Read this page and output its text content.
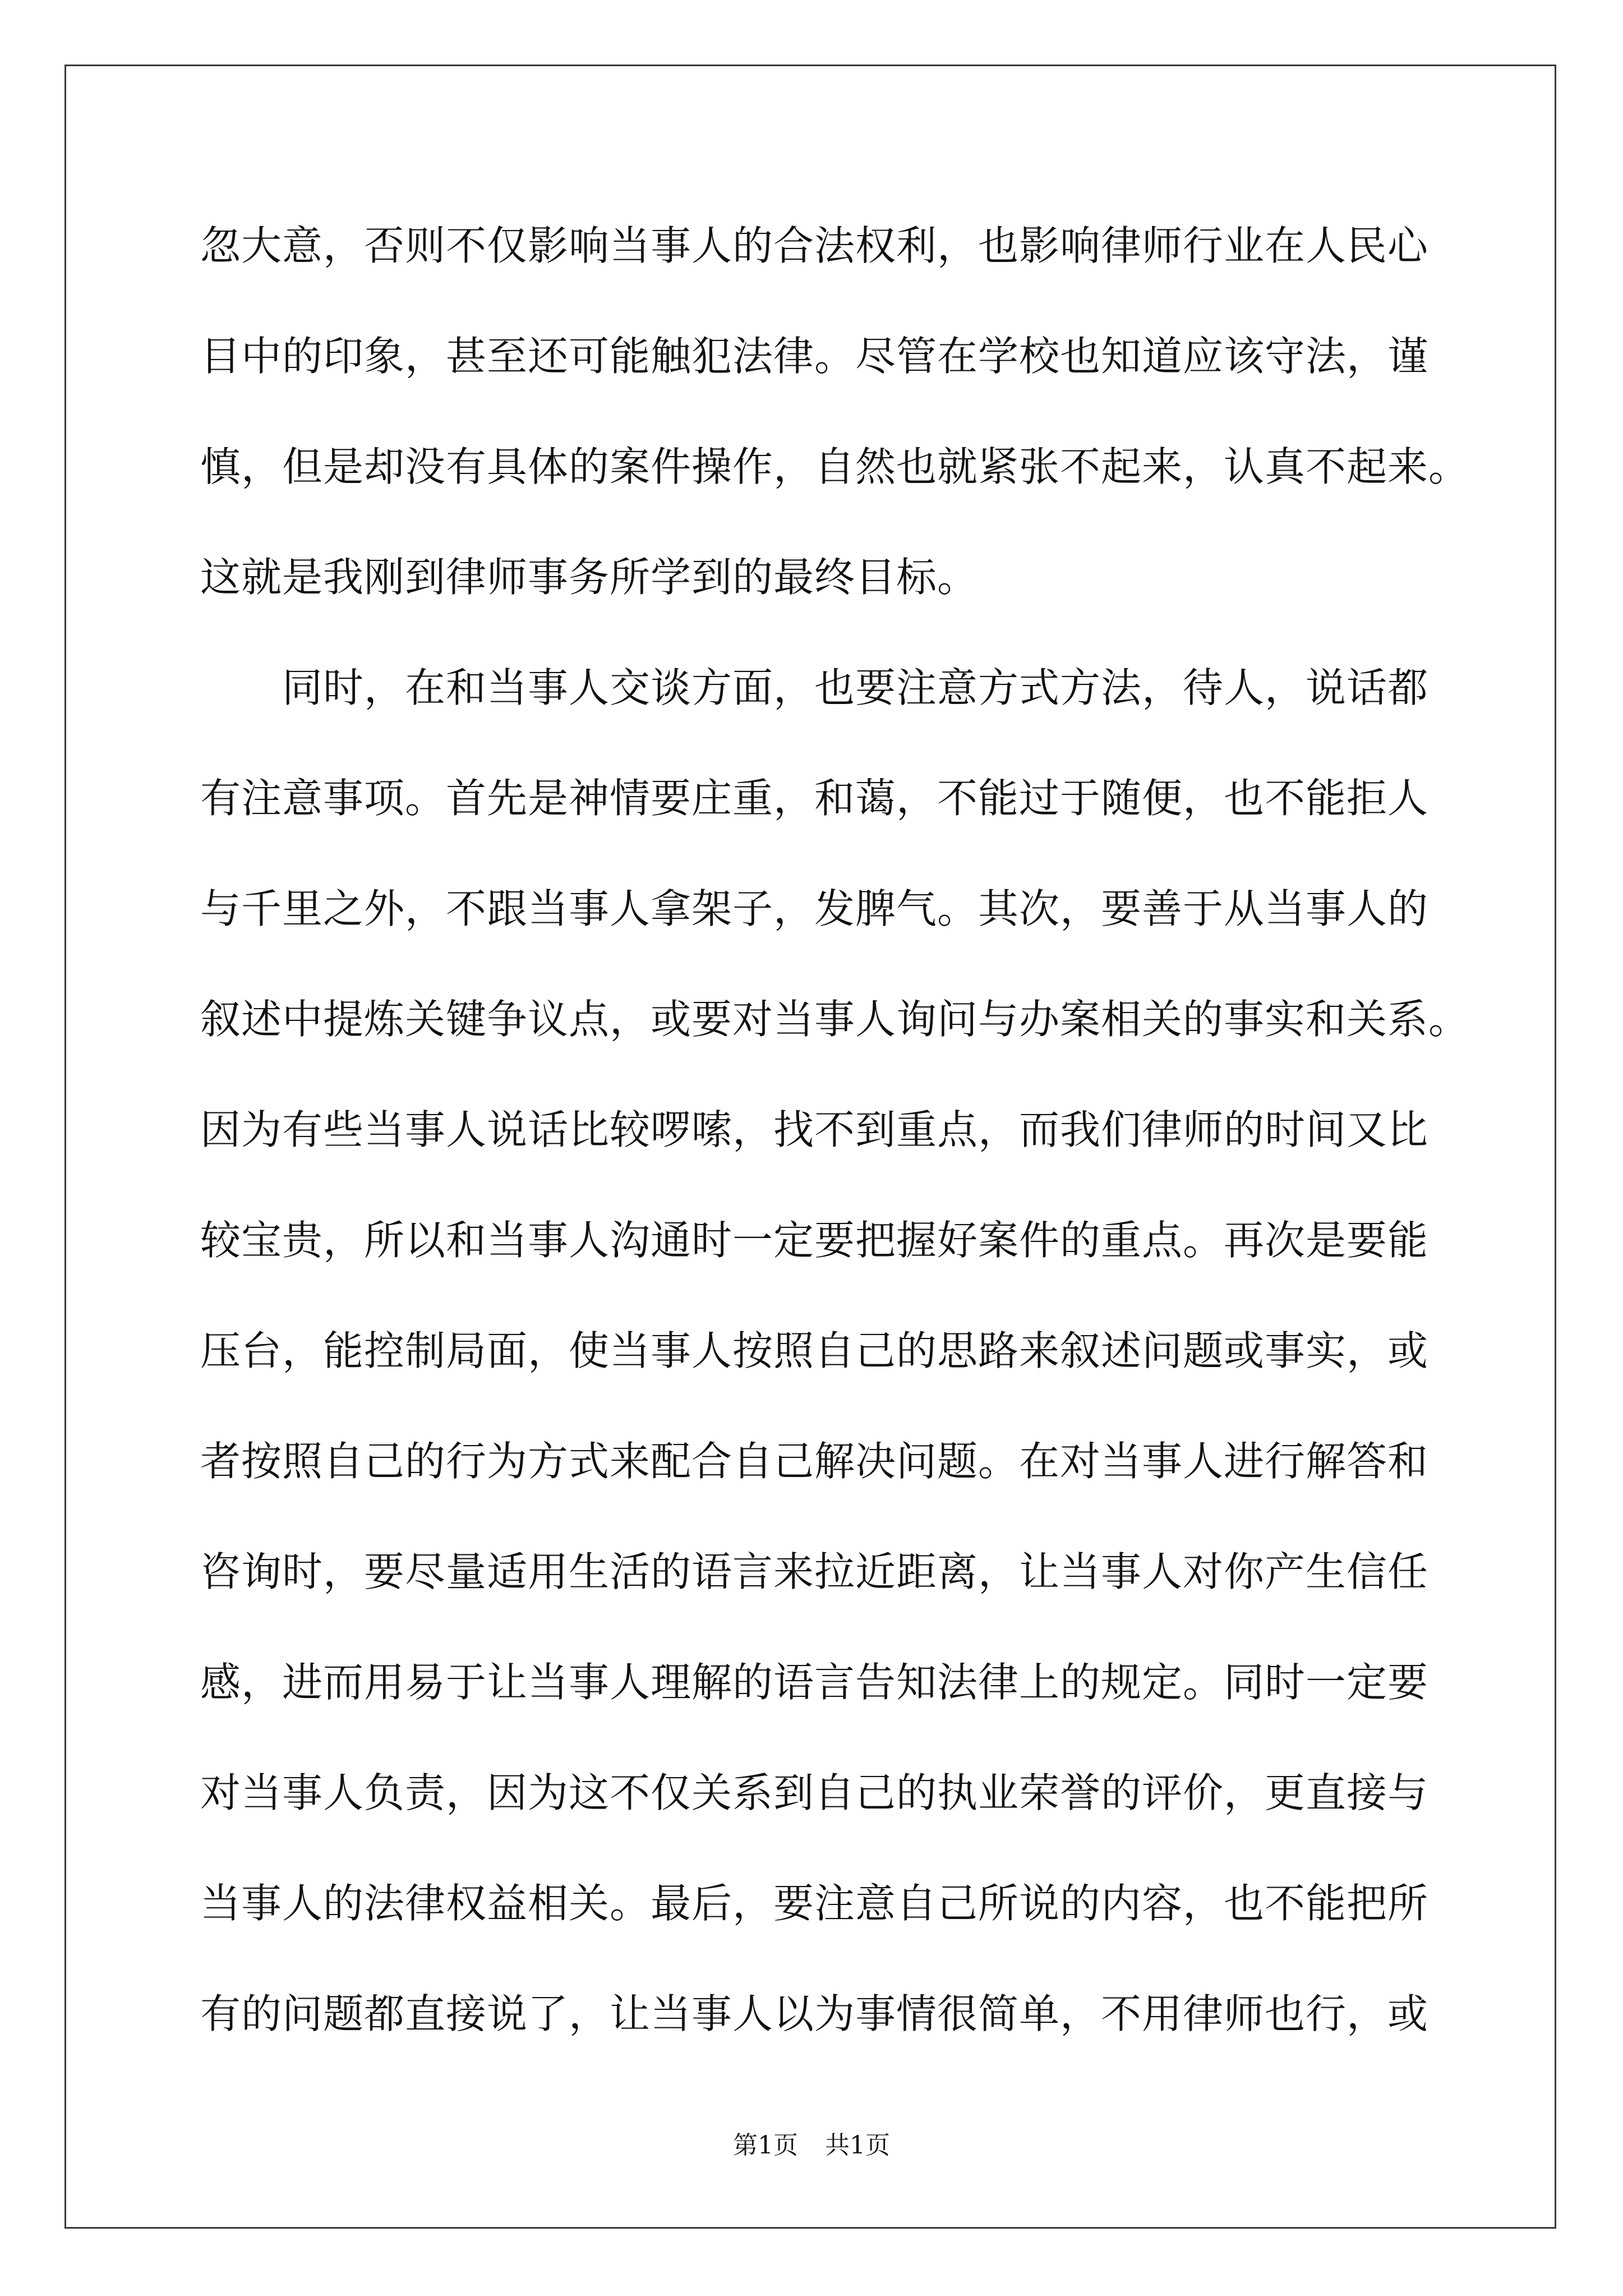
忽大意，否则不仅影响当事人的合法权利，也影响律师行业在人民心

目中的印象，甚至还可能触犯法律。尽管在学校也知道应该守法，谨

慎，但是却没有具体的案件操作，自然也就紧张不起来，认真不起来。

这就是我刚到律师事务所学到的最终目标。

同时，在和当事人交谈方面，也要注意方式方法，待人，说话都

有注意事项。首先是神情要庄重，和蔼，不能过于随便，也不能拒人

与千里之外，不跟当事人拿架子，发脾气。其次，要善于从当事人的

叙述中提炼关键争议点，或要对当事人询问与办案相关的事实和关系。

因为有些当事人说话比较啰嗦，找不到重点，而我们律师的时间又比

较宝贵，所以和当事人沟通时一定要把握好案件的重点。再次是要能

压台，能控制局面，使当事人按照自己的思路来叙述问题或事实，或

者按照自己的行为方式来配合自己解决问题。在对当事人进行解答和

咨询时，要尽量适用生活的语言来拉近距离，让当事人对你产生信任

感，进而用易于让当事人理解的语言告知法律上的规定。同时一定要

对当事人负责，因为这不仅关系到自己的执业荣誉的评价，更直接与

当事人的法律权益相关。最后，要注意自己所说的内容，也不能把所

有的问题都直接说了，让当事人以为事情很简单，不用律师也行，或

第1页 共1页
